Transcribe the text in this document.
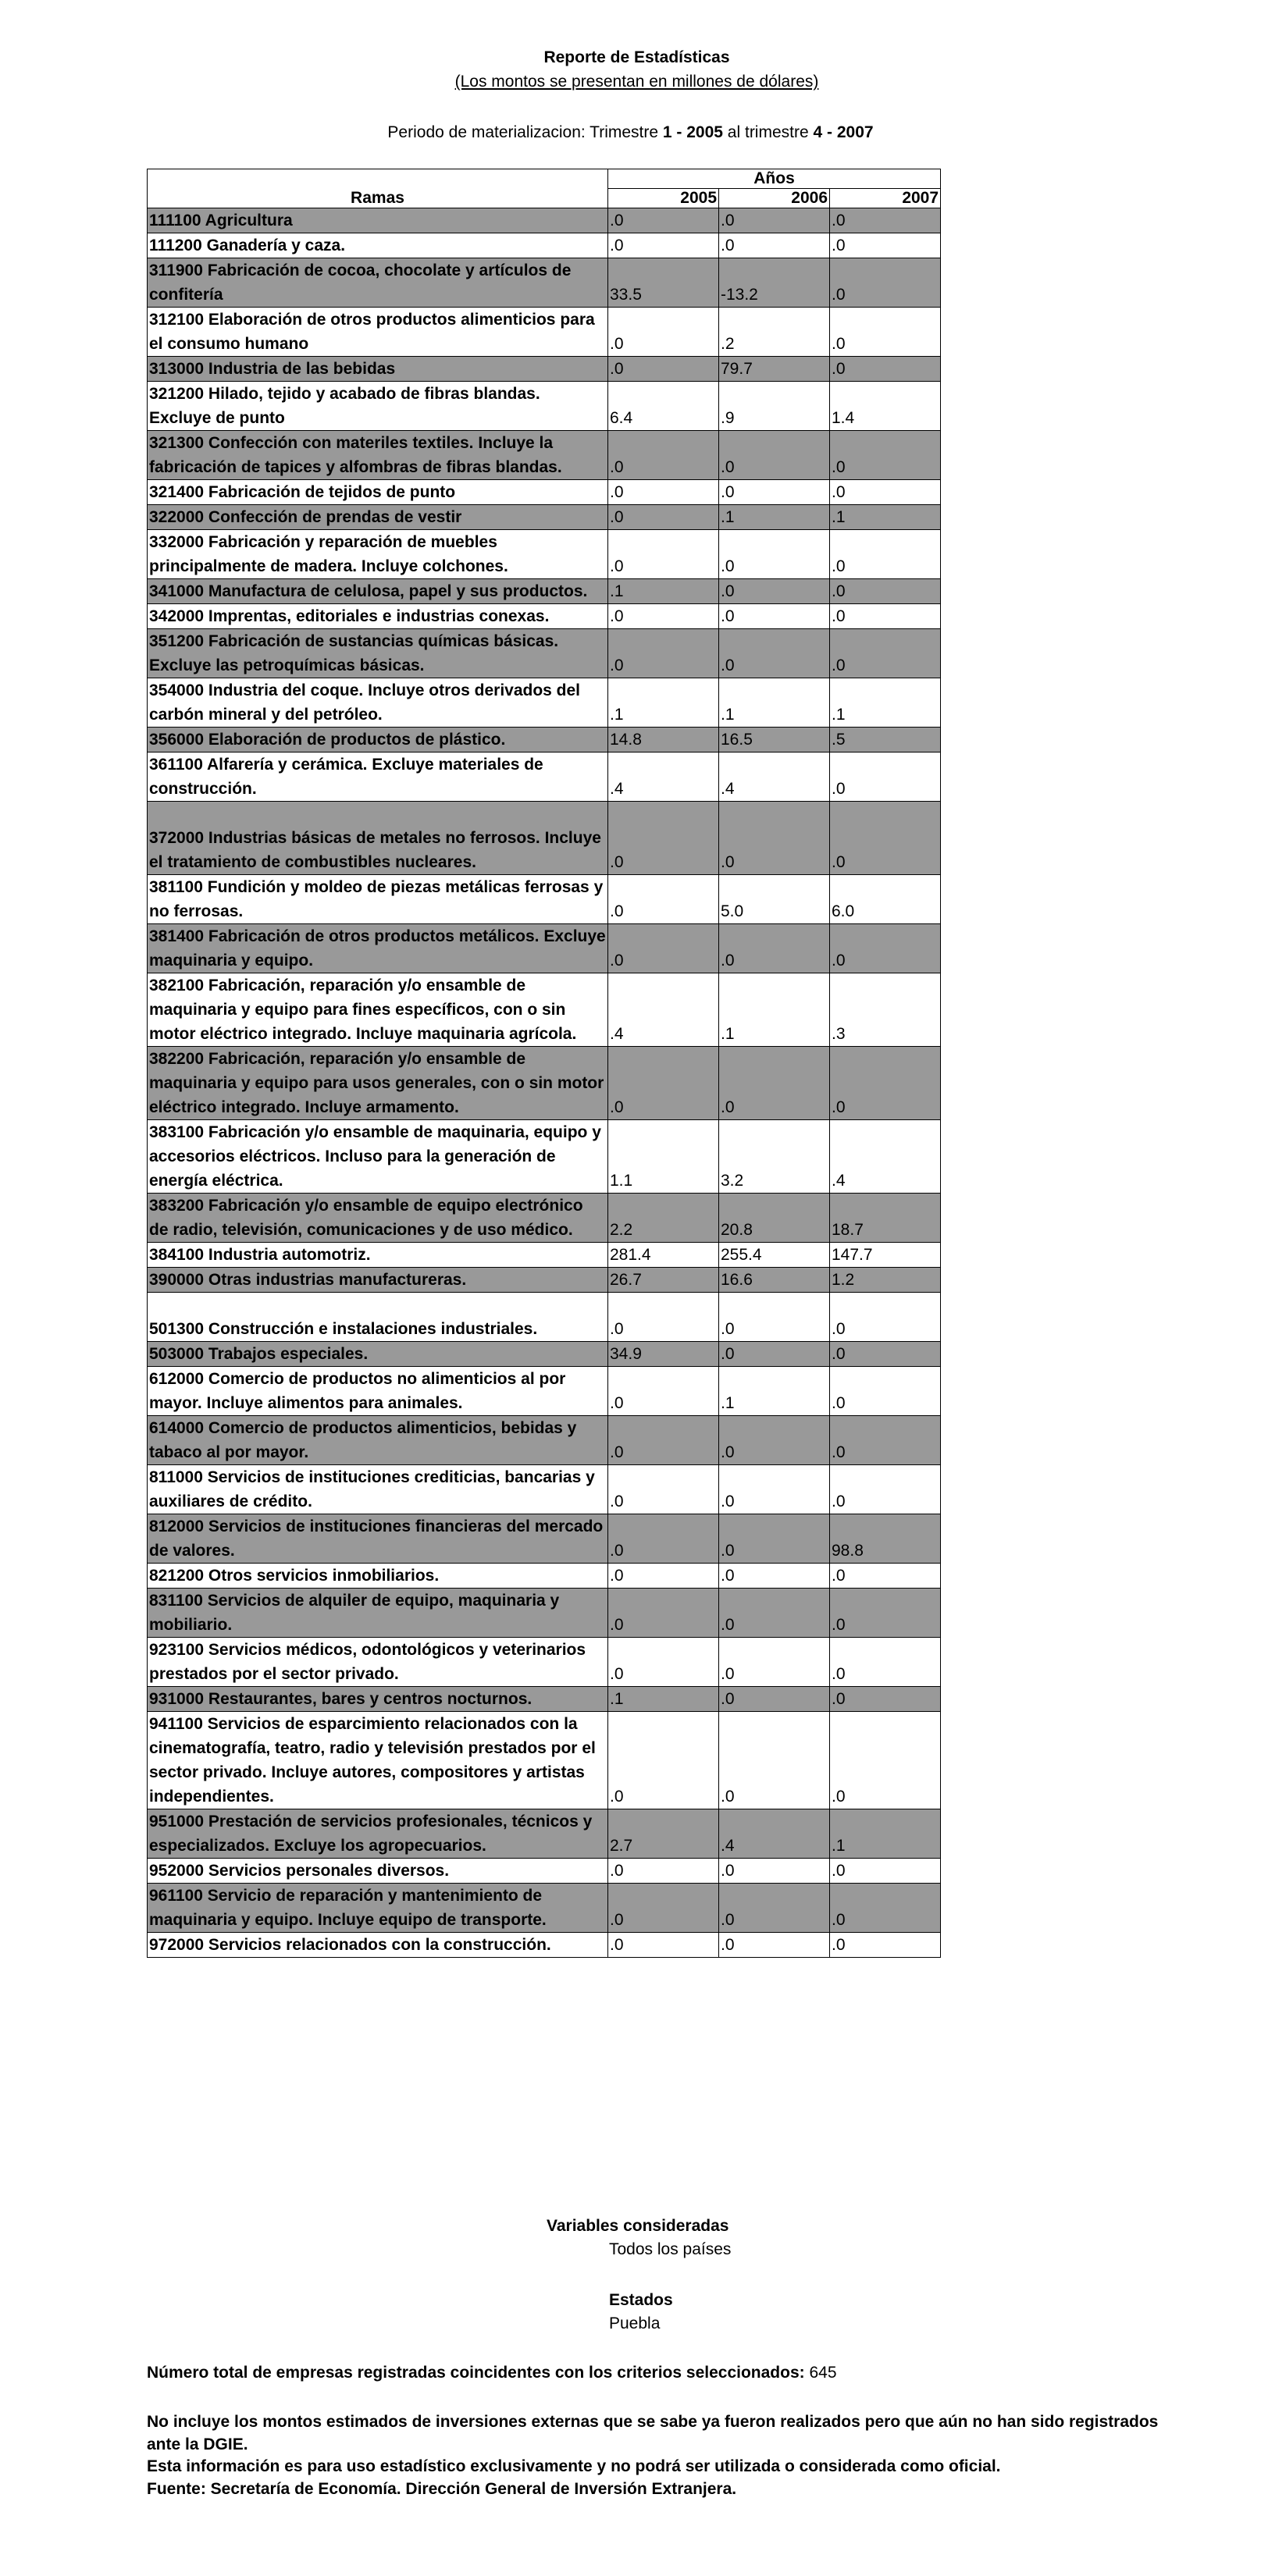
Reporte de Estadísticas
(Los montos se presentan en millones de dólares)
Periodo de materializacion: Trimestre 1 - 2005 al trimestre 4 - 2007
Ramas	Años		
	2005	2006	2007
111100 Agricultura	.0	.0	.0
111200 Ganadería y caza.	.0	.0	.0
311900 Fabricación de cocoa, chocolate y artículos de confitería	33.5	-13.2	.0
312100 Elaboración de otros productos alimenticios para el consumo humano	.0	.2	.0
313000 Industria de las bebidas	.0	79.7	.0
321200 Hilado, tejido y acabado de fibras blandas. Excluye de punto	6.4	.9	1.4
321300 Confección con materiles textiles. Incluye la fabricación de tapices y alfombras de fibras blandas.	.0	.0	.0
321400 Fabricación de tejidos de punto	.0	.0	.0
322000 Confección de prendas de vestir	.0	.1	.1
332000 Fabricación y reparación de muebles principalmente de madera. Incluye colchones.	.0	.0	.0
341000 Manufactura de celulosa, papel y sus productos.	.1	.0	.0
342000 Imprentas, editoriales e industrias conexas.	.0	.0	.0
351200 Fabricación de sustancias químicas básicas. Excluye las petroquímicas básicas.	.0	.0	.0
354000 Industria del coque. Incluye otros derivados del carbón mineral y del petróleo.	.1	.1	.1
356000 Elaboración de productos de plástico.	14.8	16.5	.5
361100 Alfarería y cerámica. Excluye materiales de construcción.	.4	.4	.0
372000 Industrias básicas de metales no ferrosos. Incluye el tratamiento de combustibles nucleares.	.0	.0	.0
381100 Fundición y moldeo de piezas metálicas ferrosas y no ferrosas.	.0	5.0	6.0
381400 Fabricación de otros productos metálicos. Excluye maquinaria y equipo.	.0	.0	.0
382100 Fabricación, reparación y/o ensamble de maquinaria y equipo para fines específicos, con o sin motor eléctrico integrado. Incluye maquinaria agrícola.	.4	.1	.3
382200 Fabricación, reparación y/o ensamble de maquinaria y equipo para usos generales, con o sin motor eléctrico integrado. Incluye armamento.	.0	.0	.0
383100 Fabricación y/o ensamble de maquinaria, equipo y accesorios eléctricos. Incluso para la generación de energía eléctrica.	1.1	3.2	.4
383200 Fabricación y/o ensamble de equipo electrónico de radio, televisión, comunicaciones y de uso médico.	2.2	20.8	18.7
384100 Industria automotriz.	281.4	255.4	147.7
390000 Otras industrias manufactureras.	26.7	16.6	1.2
501300 Construcción e instalaciones industriales.	.0	.0	.0
503000 Trabajos especiales.	34.9	.0	.0
612000 Comercio de productos no alimenticios al por mayor. Incluye alimentos para animales.	.0	.1	.0
614000 Comercio de productos alimenticios, bebidas y tabaco al por mayor.	.0	.0	.0
811000 Servicios de instituciones crediticias, bancarias y auxiliares de crédito.	.0	.0	.0
812000 Servicios de instituciones financieras del mercado de valores.	.0	.0	98.8
821200 Otros servicios inmobiliarios.	.0	.0	.0
831100 Servicios de alquiler de equipo, maquinaria y mobiliario.	.0	.0	.0
923100 Servicios médicos, odontológicos y veterinarios prestados por el sector privado.	.0	.0	.0
931000 Restaurantes, bares y centros nocturnos.	.1	.0	.0
941100 Servicios de esparcimiento relacionados con la cinematografía, teatro, radio y televisión prestados por el sector privado. Incluye autores, compositores y artistas independientes.	.0	.0	.0
951000 Prestación de servicios profesionales, técnicos y especializados. Excluye los agropecuarios.	2.7	.4	.1
952000 Servicios personales diversos.	.0	.0	.0
961100 Servicio de reparación y mantenimiento de maquinaria y equipo. Incluye equipo de transporte.	.0	.0	.0
972000 Servicios relacionados con la construcción.	.0	.0	.0
Variables consideradas
Todos los países
Estados
Puebla
Número total de empresas registradas coincidentes con los criterios seleccionados: 645
No incluye los montos estimados de inversiones externas que se sabe ya fueron realizados pero que aún no han sido registrados ante la DGIE.
Esta información es para uso estadístico exclusivamente y no podrá ser utilizada o considerada como oficial.
Fuente: Secretaría de Economía. Dirección General de Inversión Extranjera.
